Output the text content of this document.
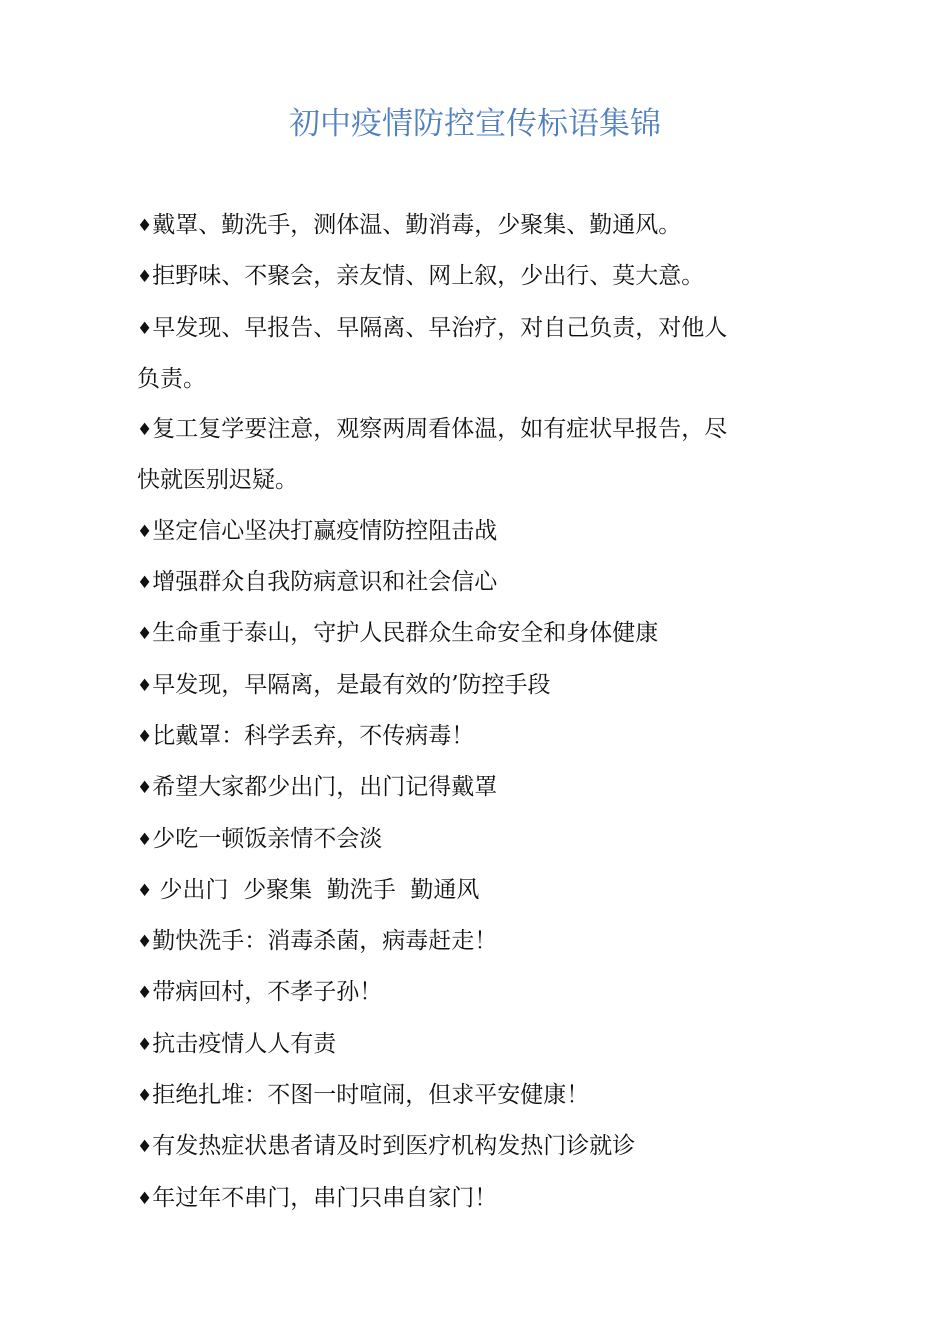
初中疫情防控宣传标语集锦
♦戴罩、勤洗手，测体温、勤消毒，少聚集、勤通风。
♦拒野味、不聚会，亲友情、网上叙，少出行、莫大意。
♦早发现、早报告、早隔离、早治疗，对自己负责，对他人负责。
♦复工复学要注意，观察两周看体温，如有症状早报告，尽快就医别迟疑。
♦坚定信心坚决打赢疫情防控阻击战
♦增强群众自我防病意识和社会信心
♦生命重于泰山，守护人民群众生命安全和身体健康
♦早发现，早隔离，是最有效的’防控手段
♦比戴罩：科学丢弃，不传病毒！
♦希望大家都少出门，出门记得戴罩
♦少吃一顿饭亲情不会淡
♦ 少出门  少聚集  勤洗手  勤通风
♦勤快洗手：消毒杀菌，病毒赶走！
♦带病回村，不孝子孙！
♦抗击疫情人人有责
♦拒绝扎堆：不图一时喧闹，但求平安健康！
♦有发热症状患者请及时到医疗机构发热门诊就诊
♦年过年不串门，串门只串自家门！
